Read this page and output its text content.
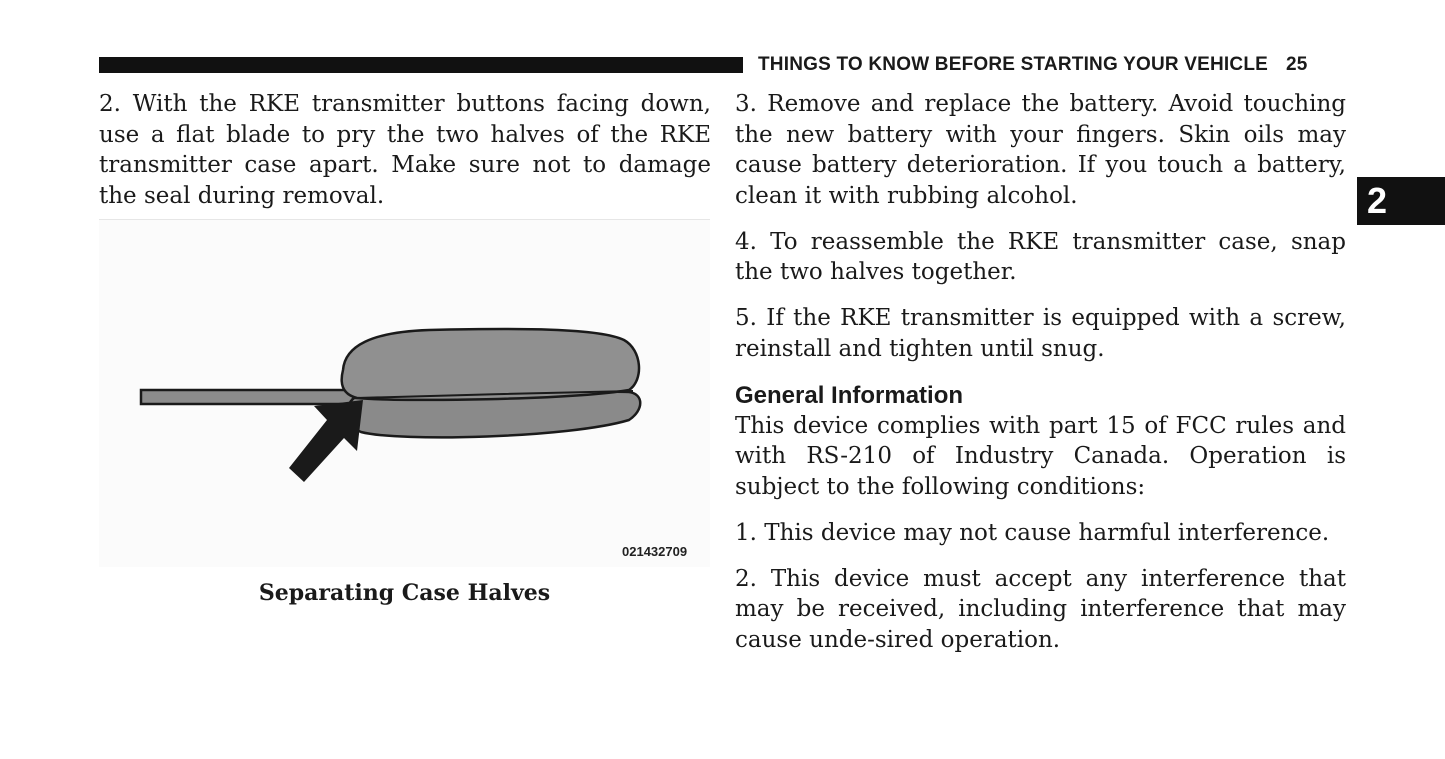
THINGS TO KNOW BEFORE STARTING YOUR VEHICLE 25
2

2. With the RKE transmitter buttons facing down, use a flat blade to pry the two halves of the RKE transmitter case apart. Make sure not to damage the seal during removal.

021432709
Separating Case Halves

3. Remove and replace the battery. Avoid touching the new battery with your fingers. Skin oils may cause battery deterioration. If you touch a battery, clean it with rubbing alcohol.

4. To reassemble the RKE transmitter case, snap the two halves together.

5. If the RKE transmitter is equipped with a screw, reinstall and tighten until snug.

General Information

This device complies with part 15 of FCC rules and with RS-210 of Industry Canada. Operation is subject to the following conditions:

1. This device may not cause harmful interference.

2. This device must accept any interference that may be received, including interference that may cause unde-sired operation.
